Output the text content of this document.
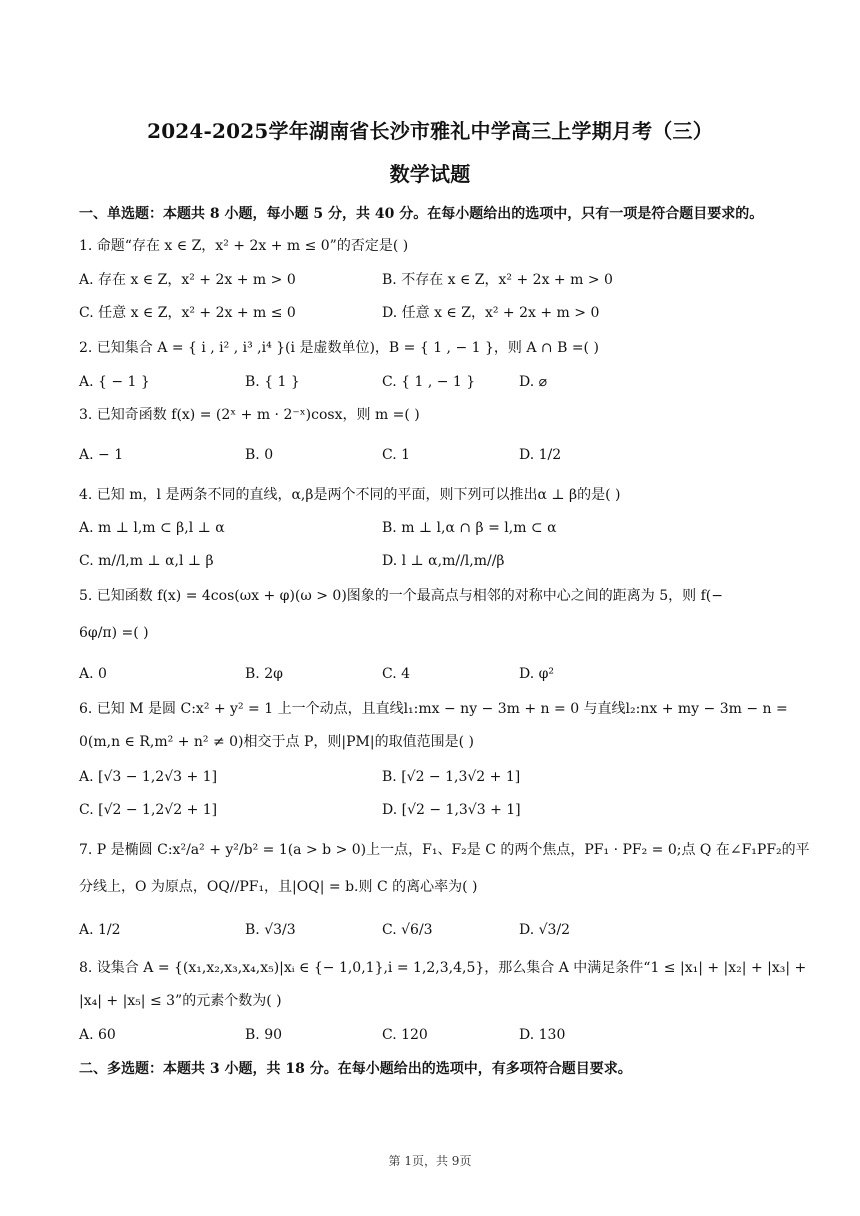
2024-2025学年湖南省长沙市雅礼中学高三上学期月考（三）
数学试题
一、单选题：本题共 8 小题，每小题 5 分，共 40 分。在每小题给出的选项中，只有一项是符合题目要求的。
1. 命题“存在 x ∈ Z，x² + 2x + m ≤ 0”的否定是( )
A. 存在 x ∈ Z，x² + 2x + m > 0	B. 不存在 x ∈ Z，x² + 2x + m > 0
C. 任意 x ∈ Z，x² + 2x + m ≤ 0	D. 任意 x ∈ Z，x² + 2x + m > 0
2. 已知集合 A = { i , i² , i³ ,i⁴ }(i 是虚数单位)，B = { 1 , − 1 }，则 A ∩ B =( )
A. { − 1 }	B. { 1 }	C. { 1 , − 1 }	D. ⌀
3. 已知奇函数 f(x) = (2ˣ + m · 2⁻ˣ)cosx，则 m =( )
A. − 1	B. 0	C. 1	D. 1/2
4. 已知 m，l 是两条不同的直线，α,β是两个不同的平面，则下列可以推出α ⊥ β的是( )
A. m ⊥ l,m ⊂ β,l ⊥ α	B. m ⊥ l,α ∩ β = l,m ⊂ α
C. m//l,m ⊥ α,l ⊥ β	D. l ⊥ α,m//l,m//β
5. 已知函数 f(x) = 4cos(ωx + φ)(ω > 0)图象的一个最高点与相邻的对称中心之间的距离为 5，则 f(−
6φ/π) =( )
A. 0	B. 2φ	C. 4	D. φ²
6. 已知 M 是圆 C:x² + y² = 1 上一个动点，且直线l₁:mx − ny − 3m + n = 0 与直线l₂:nx + my − 3m − n =
0(m,n ∈ R,m² + n² ≠ 0)相交于点 P，则|PM|的取值范围是( )
A. [√3 − 1,2√3 + 1]	B. [√2 − 1,3√2 + 1]
C. [√2 − 1,2√2 + 1]	D. [√2 − 1,3√3 + 1]
7. P 是椭圆 C:x²/a² + y²/b² = 1(a > b > 0)上一点，F₁、F₂是 C 的两个焦点，PF₁ · PF₂ = 0;点 Q 在∠F₁PF₂的平
分线上，O 为原点，OQ//PF₁，且|OQ| = b.则 C 的离心率为( )
A. 1/2	B. √3/3	C. √6/3	D. √3/2
8. 设集合 A = {(x₁,x₂,x₃,x₄,x₅)|xᵢ ∈ {− 1,0,1},i = 1,2,3,4,5}，那么集合 A 中满足条件“1 ≤ |x₁| + |x₂| + |x₃| +
|x₄| + |x₅| ≤ 3”的元素个数为( )
A. 60	B. 90	C. 120	D. 130
二、多选题：本题共 3 小题，共 18 分。在每小题给出的选项中，有多项符合题目要求。
第 1页，共 9页
